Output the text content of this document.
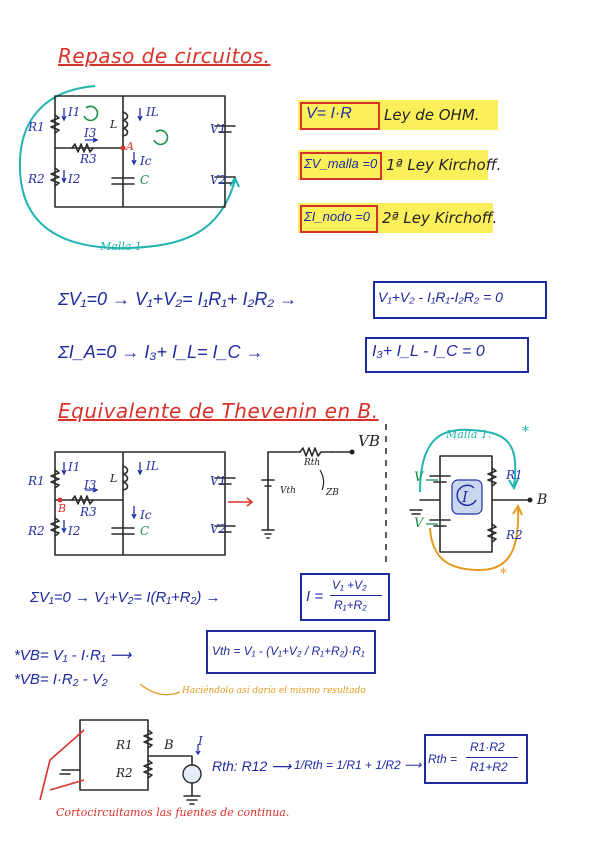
Repaso de circuitos.
R1
R2
R3
I1
I2
I3
IL
Ic
L
C
V1
V2
A
Malla 1
V= I·R Ley de OHM.
ΣV_malla =0 1ª Ley Kirchoff.
ΣI_nodo =0 2ª Ley Kirchoff.
ΣV₁=0 → V₁+V₂= I₁R₁+ I₂R₂ →	V₁+V₂ - I₁R₁-I₂R₂ = 0
ΣI_A=0 → I₃+ I_L= I_C →	I₃+ I_L - I_C = 0
Equivalente de Thevenin en B.
R1
R2
R3
I1
I2
I3
IL
Ic
L
C
V1
V2
B
VB
Rth
Vth	ZB
Malla 1. *
*
R1
R2
B
I
V
V
ΣV₁=0 → V₁+V₂= I(R₁+R₂) →	I =
V₁ +V₂
R₁+R₂
*VB= V₁ - I·R₁ ⟶	Vth = V₁ - (V₁+V₂ / R₁+R₂)·R₁
*VB= I·R₂ - V₂
Haciéndolo así daría el mismo resultado
R1
R2
B I
Rth: R12 ⟶ 1/Rth = 1/R1 + 1/R2 ⟶ Rth =
R1·R2
R1+R2
Cortocircuitamos las fuentes de continua.
